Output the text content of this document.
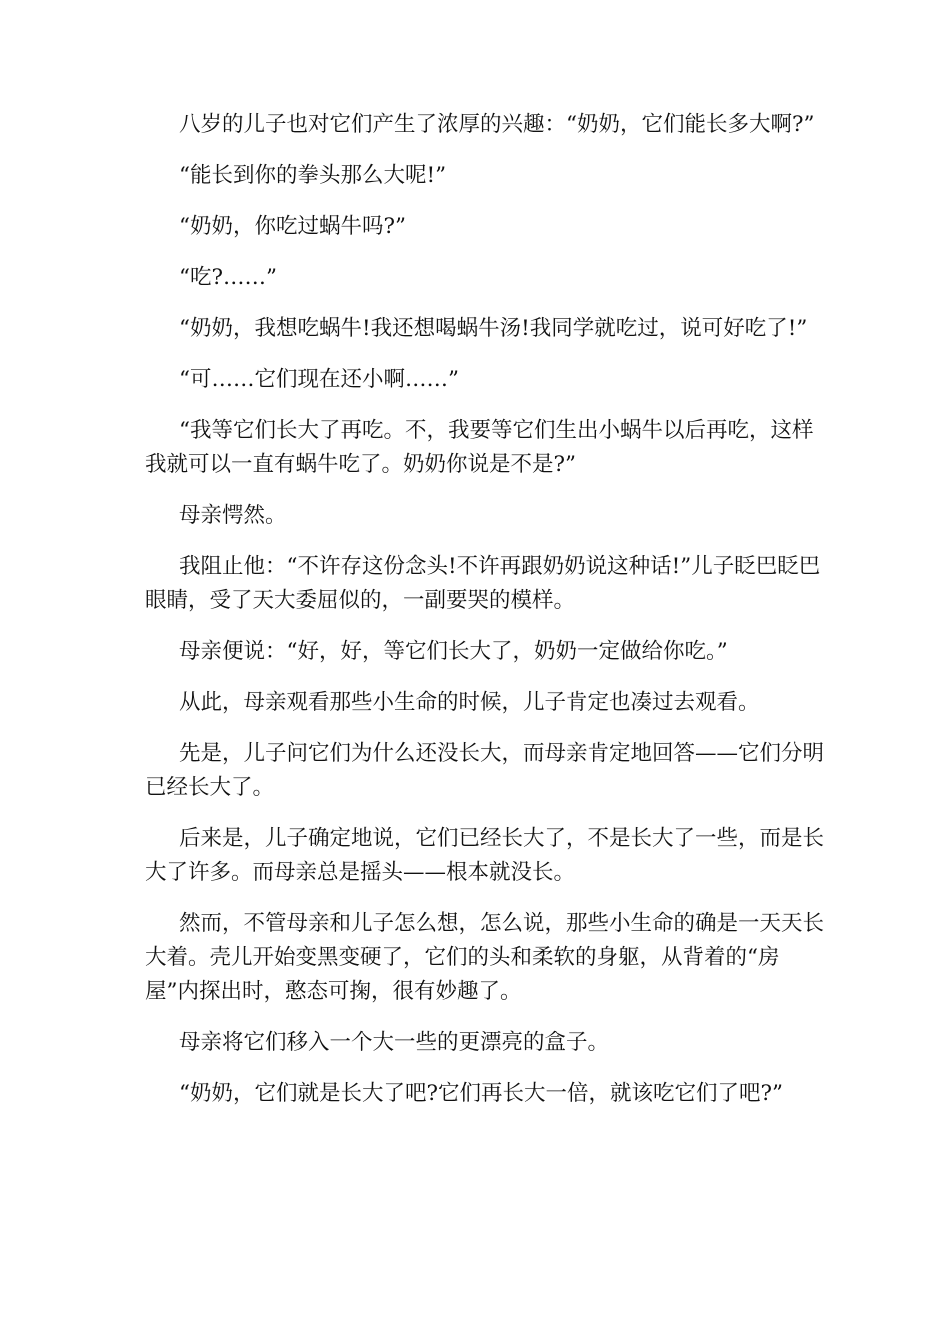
八岁的儿子也对它们产生了浓厚的兴趣：“奶奶，它们能长多大啊?”

“能长到你的拳头那么大呢!”

“奶奶，你吃过蜗牛吗?”

“吃?……”

“奶奶，我想吃蜗牛!我还想喝蜗牛汤!我同学就吃过，说可好吃了!”

“可……它们现在还小啊……”

“我等它们长大了再吃。不，我要等它们生出小蜗牛以后再吃，这样我就可以一直有蜗牛吃了。奶奶你说是不是?”

母亲愕然。

我阻止他：“不许存这份念头!不许再跟奶奶说这种话!”儿子眨巴眨巴眼睛，受了天大委屈似的，一副要哭的模样。

母亲便说：“好，好，等它们长大了，奶奶一定做给你吃。”

从此，母亲观看那些小生命的时候，儿子肯定也凑过去观看。

先是，儿子问它们为什么还没长大，而母亲肯定地回答——它们分明已经长大了。

后来是，儿子确定地说，它们已经长大了，不是长大了一些，而是长大了许多。而母亲总是摇头——根本就没长。

然而，不管母亲和儿子怎么想，怎么说，那些小生命的确是一天天长大着。壳儿开始变黑变硬了，它们的头和柔软的身躯，从背着的“房屋”内探出时，憨态可掬，很有妙趣了。

母亲将它们移入一个大一些的更漂亮的盒子。

“奶奶，它们就是长大了吧?它们再长大一倍，就该吃它们了吧?”
